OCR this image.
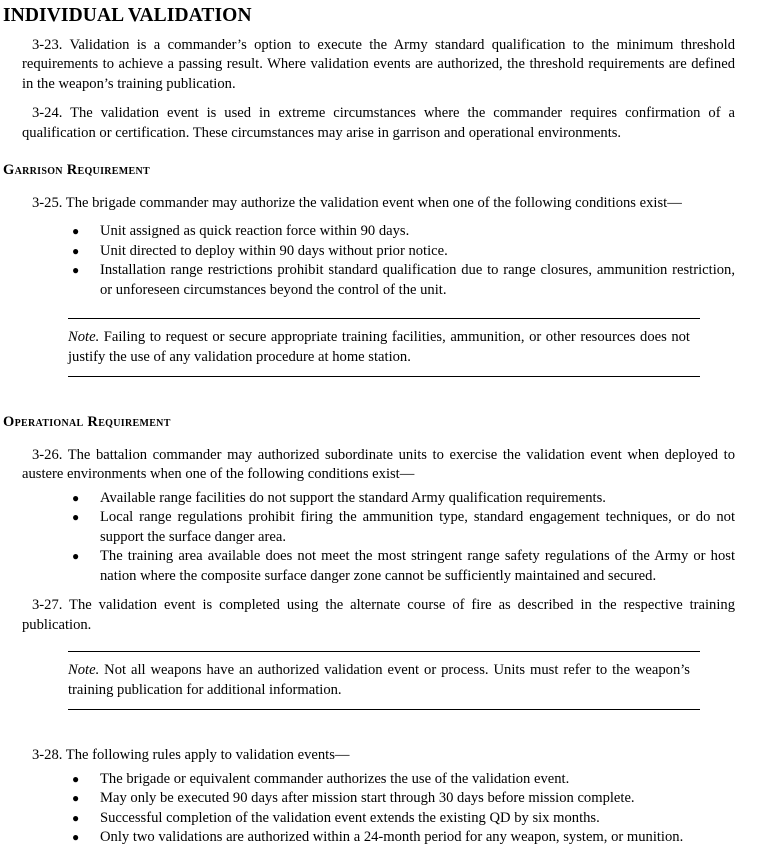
INDIVIDUAL VALIDATION

3-23. Validation is a commander’s option to execute the Army standard qualification to the minimum threshold requirements to achieve a passing result. Where validation events are authorized, the threshold requirements are defined in the weapon’s training publication.

3-24. The validation event is used in extreme circumstances where the commander requires confirmation of a qualification or certification. These circumstances may arise in garrison and operational environments.

Garrison Requirement

3-25. The brigade commander may authorize the validation event when one of the following conditions exist—

● Unit assigned as quick reaction force within 90 days.
● Unit directed to deploy within 90 days without prior notice.
● Installation range restrictions prohibit standard qualification due to range closures, ammunition restriction, or unforeseen circumstances beyond the control of the unit.

Note. Failing to request or secure appropriate training facilities, ammunition, or other resources does not justify the use of any validation procedure at home station.

Operational Requirement

3-26. The battalion commander may authorized subordinate units to exercise the validation event when deployed to austere environments when one of the following conditions exist—

● Available range facilities do not support the standard Army qualification requirements.
● Local range regulations prohibit firing the ammunition type, standard engagement techniques, or do not support the surface danger area.
● The training area available does not meet the most stringent range safety regulations of the Army or host nation where the composite surface danger zone cannot be sufficiently maintained and secured.

3-27. The validation event is completed using the alternate course of fire as described in the respective training publication.

Note. Not all weapons have an authorized validation event or process. Units must refer to the weapon’s training publication for additional information.

3-28. The following rules apply to validation events—

● The brigade or equivalent commander authorizes the use of the validation event.
● May only be executed 90 days after mission start through 30 days before mission complete.
● Successful completion of the validation event extends the existing QD by six months.
● Only two validations are authorized within a 24-month period for any weapon, system, or munition.
